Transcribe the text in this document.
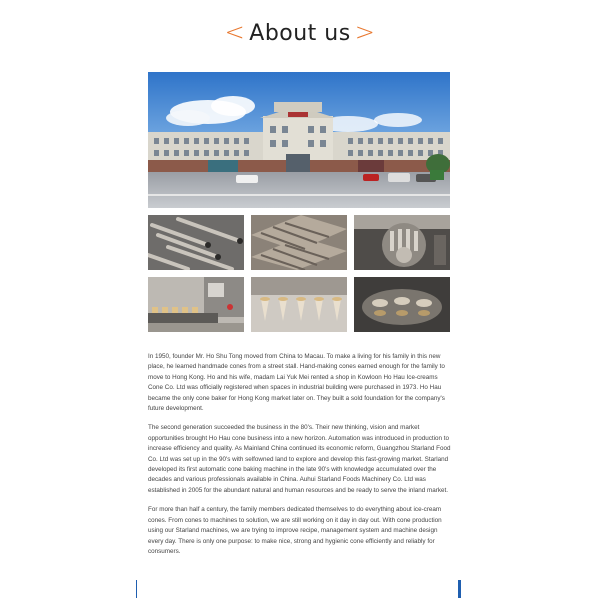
< About us >

In 1950, founder Mr. Ho Shu Tong moved from China to Macau. To make a living for his family in this new place, he learned handmade cones from a street stall. Hand-making cones earned enough for the family to move to Hong Kong. Ho and his wife, madam Lai Yuk Mei rented a shop in Kowloon Ho Hau Ice-creams Cone Co. Ltd was officially registered when spaces in industrial building were purchased in 1973. Ho Hau became the only cone baker for Hong Kong market later on. They built a sold foundation for the company's future development.

The second generation succeeded the business in the 80's. Their new thinking, vision and market opportunities brought Ho Hau cone business into a new horizon. Automation was introduced in production to increase efficiency and quality. As Mainland China continued its economic reform, Guangzhou Starland Food Co. Ltd was set up in the 90's with selfowned land to explore and develop this fast-growing market. Starland developed its first automatic cone baking machine in the late 90's with knowledge accumulated over the decades and various professionals available in China. Auhui Starland Foods Machinery Co. Ltd was established in 2005 for the abundant natural and human resources and be ready to serve the inland market.

For more than half a century, the family members dedicated themselves to do everything about ice-cream cones. From cones to machines to solution, we are still working on it day in day out. With cone production using our Starland machines, we are trying to improve recipe, management system and machine design every day. There is only one purpose: to make nice, strong and hygienic cone efficiently and reliably for consumers.
